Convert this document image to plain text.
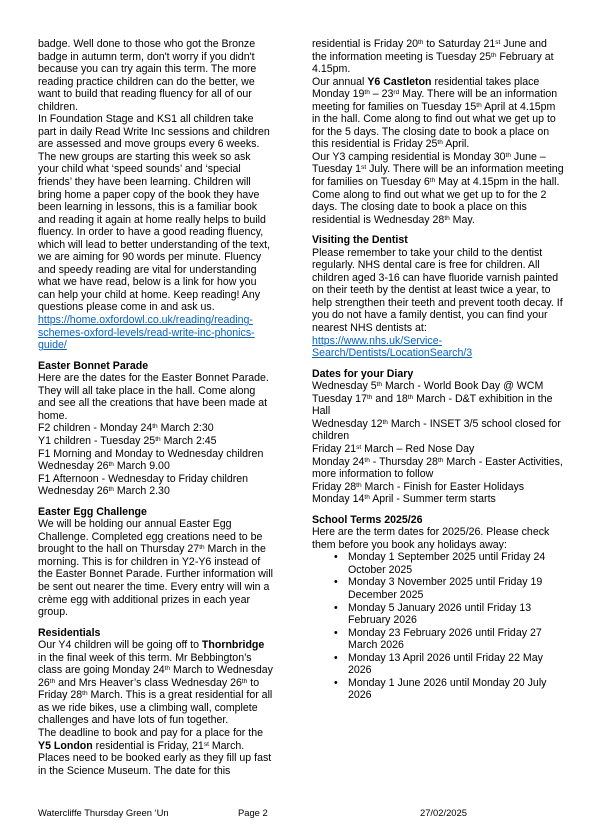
badge. Well done to those who got the Bronze badge in autumn term, don't worry if you didn't because you can try again this term. The more reading practice children can do the better, we want to build that reading fluency for all of our children.

In Foundation Stage and KS1 all children take part in daily Read Write Inc sessions and children are assessed and move groups every 6 weeks. The new groups are starting this week so ask your child what ‘speed sounds’ and ‘special friends’ they have been learning. Children will bring home a paper copy of the book they have been learning in lessons, this is a familiar book and reading it again at home really helps to build fluency. In order to have a good reading fluency, which will lead to better understanding of the text, we are aiming for 90 words per minute. Fluency and speedy reading are vital for understanding what we have read, below is a link for how you can help your child at home. Keep reading! Any questions please come in and ask us.

https://home.oxfordowl.co.uk/reading/reading-schemes-oxford-levels/read-write-inc-phonics-guide/

Easter Bonnet Parade

Here are the dates for the Easter Bonnet Parade. They will all take place in the hall. Come along and see all the creations that have been made at home.

F2 children - Monday 24th March 2:30

Y1 children - Tuesday 25th March 2:45

F1 Morning and Monday to Wednesday children

Wednesday 26th March 9.00

F1 Afternoon - Wednesday to Friday children

Wednesday 26th March 2.30

Easter Egg Challenge

We will be holding our annual Easter Egg Challenge. Completed egg creations need to be brought to the hall on Thursday 27th March in the morning. This is for children in Y2-Y6 instead of the Easter Bonnet Parade. Further information will be sent out nearer the time. Every entry will win a crème egg with additional prizes in each year group.

Residentials

Our Y4 children will be going off to Thornbridge in the final week of this term. Mr Bebbington’s class are going Monday 24th March to Wednesday 26th and Mrs Heaver’s class Wednesday 26th to Friday 28th March. This is a great residential for all as we ride bikes, use a climbing wall, complete challenges and have lots of fun together.

The deadline to book and pay for a place for the Y5 London residential is Friday, 21st March. Places need to be booked early as they fill up fast in the Science Museum. The date for this

residential is Friday 20th to Saturday 21st June and the information meeting is Tuesday 25th February at 4.15pm.

Our annual Y6 Castleton residential takes place Monday 19th – 23rd May. There will be an information meeting for families on Tuesday 15th April at 4.15pm in the hall. Come along to find out what we get up to for the 5 days. The closing date to book a place on this residential is Friday 25th April.

Our Y3 camping residential is Monday 30th June – Tuesday 1st July. There will be an information meeting for families on Tuesday 6th May at 4.15pm in the hall. Come along to find out what we get up to for the 2 days. The closing date to book a place on this residential is Wednesday 28th May.

Visiting the Dentist

Please remember to take your child to the dentist regularly. NHS dental care is free for children. All children aged 3-16 can have fluoride varnish painted on their teeth by the dentist at least twice a year, to help strengthen their teeth and prevent tooth decay. If you do not have a family dentist, you can find your nearest NHS dentists at:

https://www.nhs.uk/Service-Search/Dentists/LocationSearch/3

Dates for your Diary

Wednesday 5th March - World Book Day @ WCM

Tuesday 17th and 18th March - D&T exhibition in the Hall

Wednesday 12th March - INSET 3/5 school closed for children

Friday 21st March – Red Nose Day

Monday 24th - Thursday 28th March - Easter Activities, more information to follow

Friday 28th March - Finish for Easter Holidays

Monday 14th April - Summer term starts

School Terms 2025/26

Here are the term dates for 2025/26. Please check them before you book any holidays away:

• Monday 1 September 2025 until Friday 24 October 2025
• Monday 3 November 2025 until Friday 19 December 2025
• Monday 5 January 2026 until Friday 13 February 2026
• Monday 23 February 2026 until Friday 27 March 2026
• Monday 13 April 2026 until Friday 22 May 2026
• Monday 1 June 2026 until Monday 20 July 2026
Watercliffe Thursday Green ‘Un	Page 2	27/02/2025
